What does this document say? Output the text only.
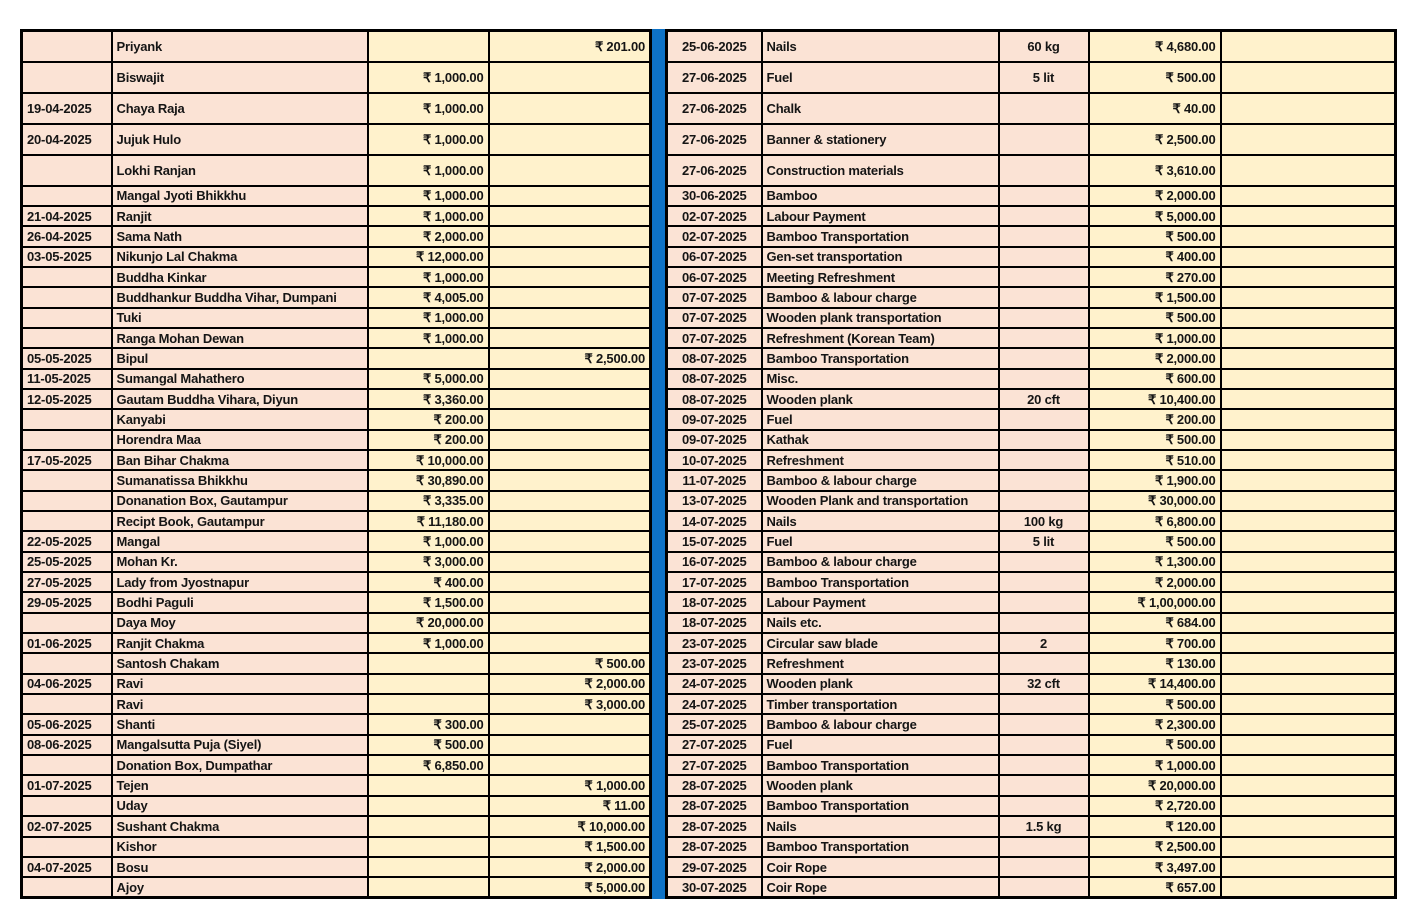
	Priyank		₹ 201.00
	Biswajit	₹ 1,000.00	
19-04-2025	Chaya Raja	₹ 1,000.00	
20-04-2025	Jujuk Hulo	₹ 1,000.00	
	Lokhi Ranjan	₹ 1,000.00	
	Mangal Jyoti Bhikkhu	₹ 1,000.00	
21-04-2025	Ranjit	₹ 1,000.00	
26-04-2025	Sama Nath	₹ 2,000.00	
03-05-2025	Nikunjo Lal Chakma	₹ 12,000.00	
	Buddha Kinkar	₹ 1,000.00	
	Buddhankur Buddha Vihar, Dumpani	₹ 4,005.00	
	Tuki	₹ 1,000.00	
	Ranga Mohan Dewan	₹ 1,000.00	
05-05-2025	Bipul		₹ 2,500.00
11-05-2025	Sumangal Mahathero	₹ 5,000.00	
12-05-2025	Gautam Buddha Vihara, Diyun	₹ 3,360.00	
	Kanyabi	₹ 200.00	
	Horendra Maa	₹ 200.00	
17-05-2025	Ban Bihar Chakma	₹ 10,000.00	
	Sumanatissa Bhikkhu	₹ 30,890.00	
	Donanation Box, Gautampur	₹ 3,335.00	
	Recipt Book, Gautampur	₹ 11,180.00	
22-05-2025	Mangal	₹ 1,000.00	
25-05-2025	Mohan Kr.	₹ 3,000.00	
27-05-2025	Lady from Jyostnapur	₹ 400.00	
29-05-2025	Bodhi Paguli	₹ 1,500.00	
	Daya Moy	₹ 20,000.00	
01-06-2025	Ranjit Chakma	₹ 1,000.00	
	Santosh Chakam		₹ 500.00
04-06-2025	Ravi		₹ 2,000.00
	Ravi		₹ 3,000.00
05-06-2025	Shanti	₹ 300.00	
08-06-2025	Mangalsutta Puja (Siyel)	₹ 500.00	
	Donation Box, Dumpathar	₹ 6,850.00	
01-07-2025	Tejen		₹ 1,000.00
	Uday		₹ 11.00
02-07-2025	Sushant Chakma		₹ 10,000.00
	Kishor		₹ 1,500.00
04-07-2025	Bosu		₹ 2,000.00
	Ajoy		₹ 5,000.00
25-06-2025	Nails	60 kg	₹ 4,680.00	
27-06-2025	Fuel	5 lit	₹ 500.00	
27-06-2025	Chalk		₹ 40.00	
27-06-2025	Banner & stationery		₹ 2,500.00	
27-06-2025	Construction materials		₹ 3,610.00	
30-06-2025	Bamboo		₹ 2,000.00	
02-07-2025	Labour Payment		₹ 5,000.00	
02-07-2025	Bamboo Transportation		₹ 500.00	
06-07-2025	Gen-set transportation		₹ 400.00	
06-07-2025	Meeting Refreshment		₹ 270.00	
07-07-2025	Bamboo & labour charge		₹ 1,500.00	
07-07-2025	Wooden plank transportation		₹ 500.00	
07-07-2025	Refreshment (Korean Team)		₹ 1,000.00	
08-07-2025	Bamboo Transportation		₹ 2,000.00	
08-07-2025	Misc.		₹ 600.00	
08-07-2025	Wooden plank	20 cft	₹ 10,400.00	
09-07-2025	Fuel		₹ 200.00	
09-07-2025	Kathak		₹ 500.00	
10-07-2025	Refreshment		₹ 510.00	
11-07-2025	Bamboo & labour charge		₹ 1,900.00	
13-07-2025	Wooden Plank and transportation		₹ 30,000.00	
14-07-2025	Nails	100 kg	₹ 6,800.00	
15-07-2025	Fuel	5 lit	₹ 500.00	
16-07-2025	Bamboo & labour charge		₹ 1,300.00	
17-07-2025	Bamboo Transportation		₹ 2,000.00	
18-07-2025	Labour Payment		₹ 1,00,000.00	
18-07-2025	Nails etc.		₹ 684.00	
23-07-2025	Circular saw blade	2	₹ 700.00	
23-07-2025	Refreshment		₹ 130.00	
24-07-2025	Wooden plank	32 cft	₹ 14,400.00	
24-07-2025	Timber transportation		₹ 500.00	
25-07-2025	Bamboo & labour charge		₹ 2,300.00	
27-07-2025	Fuel		₹ 500.00	
27-07-2025	Bamboo Transportation		₹ 1,000.00	
28-07-2025	Wooden plank		₹ 20,000.00	
28-07-2025	Bamboo Transportation		₹ 2,720.00	
28-07-2025	Nails	1.5 kg	₹ 120.00	
28-07-2025	Bamboo Transportation		₹ 2,500.00	
29-07-2025	Coir Rope		₹ 3,497.00	
30-07-2025	Coir Rope		₹ 657.00	
